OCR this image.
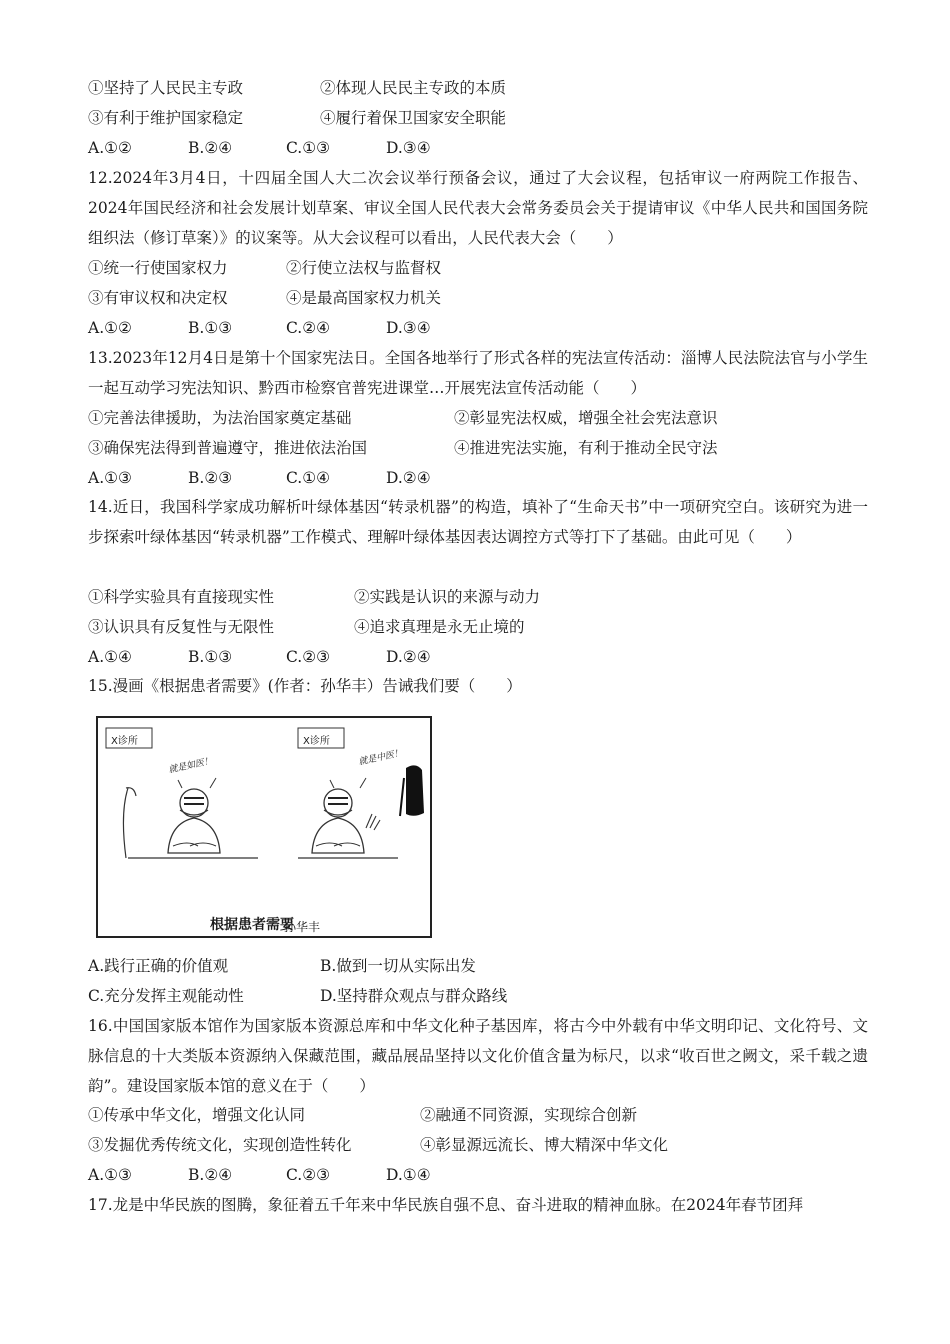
①坚持了人民民主专政	②体现人民民主专政的本质
③有利于维护国家稳定	④履行着保卫国家安全职能
A.①②	B.②④	C.①③	D.③④
12.2024年3月4日，十四届全国人大二次会议举行预备会议，通过了大会议程，包括审议一府两院工作报告、2024年国民经济和社会发展计划草案、审议全国人民代表大会常务委员会关于提请审议《中华人民共和国国务院组织法（修订草案）》的议案等。从大会议程可以看出，人民代表大会（　　）
①统一行使国家权力	②行使立法权与监督权
③有审议权和决定权	④是最高国家权力机关
A.①②	B.①③	C.②④	D.③④
13.2023年12月4日是第十个国家宪法日。全国各地举行了形式各样的宪法宣传活动：淄博人民法院法官与小学生一起互动学习宪法知识、黔西市检察官普宪进课堂…开展宪法宣传活动能（　　）
①完善法律援助，为法治国家奠定基础	②彰显宪法权威，增强全社会宪法意识
③确保宪法得到普遍遵守，推进依法治国	④推进宪法实施，有利于推动全民守法
A.①③	B.②③	C.①④	D.②④
14.近日，我国科学家成功解析叶绿体基因“转录机器”的构造，填补了“生命天书”中一项研究空白。该研究为进一步探索叶绿体基因“转录机器”工作模式、理解叶绿体基因表达调控方式等打下了基础。由此可见（　　）
①科学实验具有直接现实性	②实践是认识的来源与动力
③认识具有反复性与无限性	④追求真理是永无止境的
A.①④	B.①③	C.②③	D.②④
15.漫画《根据患者需要》(作者：孙华丰）告诫我们要（　　）
X诊所	X诊所
就是如医！	就是中医！
根据患者需要
孙华丰
A.践行正确的价值观	B.做到一切从实际出发
C.充分发挥主观能动性	D.坚持群众观点与群众路线
16.中国国家版本馆作为国家版本资源总库和中华文化种子基因库，将古今中外载有中华文明印记、文化符号、文脉信息的十大类版本资源纳入保藏范围，藏品展品坚持以文化价值含量为标尺，以求“收百世之阙文，采千载之遗韵”。建设国家版本馆的意义在于（　　）
①传承中华文化，增强文化认同	②融通不同资源，实现综合创新
③发掘优秀传统文化，实现创造性转化	④彰显源远流长、博大精深中华文化
A.①③	B.②④	C.②③	D.①④
17.龙是中华民族的图腾，象征着五千年来中华民族自强不息、奋斗进取的精神血脉。在2024年春节团拜
